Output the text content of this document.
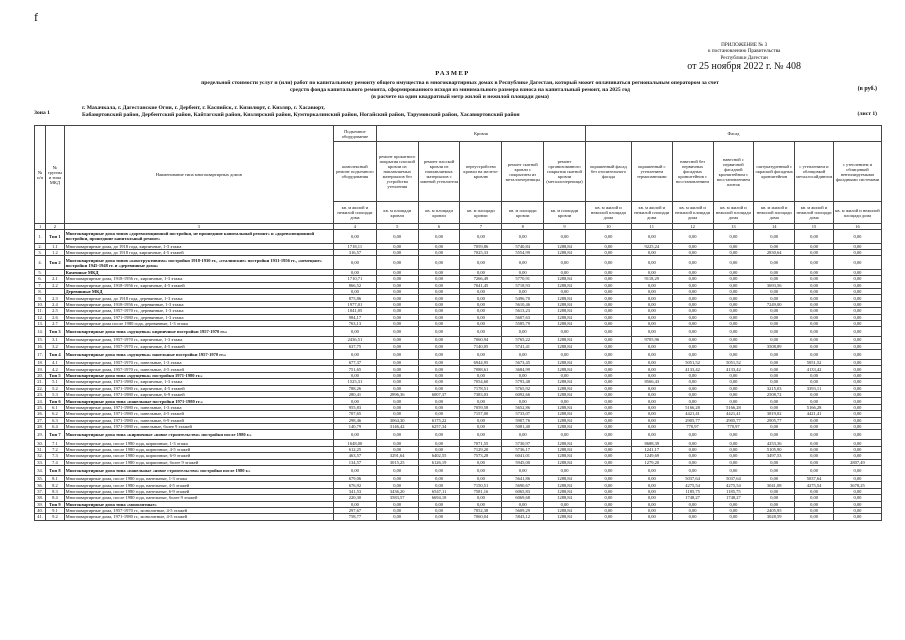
f
ПРИЛОЖЕНИЕ № 3
к постановлению Правительства
Республики Дагестан
от 25 ноября 2022 г. № 408
РАЗМЕР
предельной стоимости услуг и (или) работ по капитальному ремонту общего имущества в многоквартирных домах в Республике Дагестан, который может оплачиваться региональным оператором за счет
средств фонда капитального ремонта, сформированного исходя из минимального размера взноса на капитальный ремонт, на 2025 год
(в расчете на один квадратный метр жилой и нежилой площади дома)
(в руб.)
Зона 1
г. Махачкала, г. Дагестанские Огни, г. Дербент, г. Каспийск, г. Кизилюрт, г. Кизляр, г. Хасавюрт,
Бабаюртовский район, Дербентский район, Кайтагский район, Кизлярский район, Кумторкалинский район, Ногайский район, Тарумовский район, Хасавюртовский район	(лист 1)
№ п/п	№ группы и типа МКД	Наименование типа многоквартирных домов	Подъемное оборудование	Кровля					Фасад						
			комплексный ремонт подъемного оборудования	ремонт прокатного покрытия плоской кровли из наплавляемых материалов без устройства утепления	ремонт плоской кровли из наплавляемых материалов с заменой утеплителя	переустройство кровли на железо-кровлю	ремонт скатной кровли с покрытием из металлочерепицы	ремонт организованного покрытия скатной кровли (металлочерепица)	окрашенный фасад без отопительного фасада	окрашенный с утеплением термопанелями	навесной без первичных фасадных кронштейнов с восстановлением	навесной с первичной фасадной кронштейном с восстановлением плиток	оштукатуренный с окраской фасадных кронштейнов	с утеплением и облицовкой металлосайдингом	с утеплением и облицовкой вентилируемыми фасадными системами
			кв. м жилой и нежилой площади дома	кв. м площади кровли	кв. м площади кровли	кв. м площади кровли	кв. м площади кровли	кв. м площади кровли	кв. м жилой и нежилой площади дома	кв. м жилой и нежилой площади дома	кв. м жилой и нежилой площади дома	кв. м жилой и нежилой площади дома	кв. м жилой и нежилой площади дома	кв. м жилой и нежилой площади дома	кв. м жилой и нежилой площади дома
1	2	3	4	5	6	7	8	9	10	11	12	13	14	15	16
1.	Тип 1	Многоквартирные дома типов «дореволюционной постройки, не прошедшие капитальный ремонт» и «дореволюционной постройки, прошедшие капитальный ремонт»	0,00	0,00	0,00	0,00	0,00	0,00	0,00	0,00	0,00	0,00	0,00	0,00	0,00
2.	1.1	Многоквартирные дома, до 1918 года, кирпичные, 1-3 этажа	1718,11	0,00	0,00	7059,86	5740,84	1288,84	0,00	9225,24	0,00	0,00	0,00	0,00	0,00
3.	1.2	Многоквартирные дома, до 1918 года, кирпичные, 4-5 этажей	316,57	0,00	0,00	7025,33	5554,99	1288,84	0,00	0,00	0,00	0,00	2830,64	0,00	0,00
4.	Тип 2	Многоквартирные дома типов «конструктивизм» постройки 1918-1930 гг., «сталинские» постройки 1931-1956 гг., «немецкие» постройки 1945-1948 гг. и «деревянные дома»	0,00	0,00	0,00	0,00	0,00	0,00	0,00	0,00	0,00	0,00	0,00	0,00	0,00
5.		Каменные МКД	0,00	0,00	0,00	0,00	0,00	0,00	0,00	0,00	0,00	0,00	0,00	0,00	0,00
6.	2.1	Многоквартирные дома, 1918-1956 гг., кирпичные, 1-3 этажа	1710,71	0,00	0,00	7266,49	5770,91	1288,84	0,00	9118,29	0,00	0,00	0,00	0,00	0,00
7.	2.2	Многоквартирные дома, 1918-1956 гг., кирпичные, 4-5 этажей	866,52	0,00	0,00	7041,45	5718,93	1288,84	0,00	0,00	0,00	0,00	3693,56	0,00	0,00
8.		Деревянные МКД	0,00	0,00	0,00	0,00	0,00	0,00	0,00	0,00	0,00	0,00	0,00	0,00	0,00
9.	2.3	Многоквартирные дома, до 1918 года, деревянные, 1-3 этажа	875,86	0,00	0,00	0,00	5496,70	1288,84	0,00	0,00	0,00	0,00	0,00	0,00	0,00
10.	2.4	Многоквартирные дома, 1918-1956 гг., деревянные, 1-3 этажа	1977,01	0,00	0,00	0,00	5610,46	1288,84	0,00	0,00	0,00	0,00	7249,00	0,00	0,00
11.	2.5	Многоквартирные дома, 1957-1970 гг., деревянные, 1-3 этажа	1041,05	0,00	0,00	0,00	5613,23	1288,84	0,00	0,00	0,00	0,00	0,00	0,00	0,00
12.	2.6	Многоквартирные дома, 1971-1980 гг., деревянные, 1-3 этажа	984,17	0,00	0,00	0,00	5607,63	1288,84	0,00	0,00	0,00	0,00	0,00	0,00	0,00
13.	2.7	Многоквартирные дома после 1980 года, деревянные, 1-3 этажа	763,13	0,00	0,00	0,00	5585,79	1288,84	0,00	0,00	0,00	0,00	0,00	0,00	0,00
14.	Тип 3	Многоквартирные дома типа «хрущевка» кирпичные постройки 1957-1970 гг.»	0,00	0,00	0,00	0,00	0,00	0,00	0,00	0,00	0,00	0,00	0,00	0,00	0,00
15.	3.1	Многоквартирные дома, 1957-1970 гг., кирпичные, 1-3 этажа	2436,51	0,00	0,00	7060,94	5765,22	1288,84	0,00	9705,96	0,00	0,00	0,00	0,00	0,00
16.	3.2	Многоквартирные дома, 1957-1970 гг., кирпичные, 4-5 этажей	637,75	0,00	0,00	7140,05	5741,41	1288,84	0,00	0,00	0,00	0,00	3508,89	0,00	0,00
17.	Тип 4	Многоквартирные дома типа «хрущевка» панельные постройки 1957-1970 гг.»	0,00	0,00	0,00	0,00	0,00	0,00	0,00	0,00	0,00	0,00	0,00	0,00	0,00
18.	4.1	Многоквартирные дома, 1957-1970 гг., панельные, 1-3 этажа	677,37	0,00	0,00	6944,95	5673,45	1288,84	0,00	0,00	5051,52	5051,52	0,00	5051,52	0,00
19.	4.2	Многоквартирные дома, 1957-1970 гг., панельные, 4-5 этажей	751,65	0,00	0,00	7088,61	3684,99	1288,84	0,00	0,00	4133,42	4133,42	0,00	4133,42	0,00
20.	Тип 5	Многоквартирные дома типа «хрущевка» постройки 1971-1980 гг.»	0,00	0,00	0,00	0,00	0,00	0,00	0,00	0,00	0,00	0,00	0,00	0,00	0,00
21.	5.1	Многоквартирные дома, 1971-1980 гг., кирпичные, 1-3 этажа	1525,31	0,00	0,00	7054,60	5793,48	1288,84	0,00	8566,43	0,00	0,00	0,00	0,00	0,00
22.	5.2	Многоквартирные дома, 1971-1980 гг., кирпичные, 4-5 этажей	788,26	0,00	0,00	7178,51	5765,92	1288,84	0,00	0,00	0,00	0,00	3215,03	3393,11	0,00
23.	5.3	Многоквартирные дома, 1971-1980 гг., кирпичные, 6-9 этажей	280,41	2896,36	6007,37	7383,03	6092,66	1288,84	0,00	0,00	0,00	0,00	2508,72	0,00	0,00
24.	Тип 6	Многоквартирные дома типа «панельные постройки 1971-1980 гг.»	0,00	0,00	0,00	0,00	0,00	0,00	0,00	0,00	0,00	0,00	0,00	0,00	0,00
25.	6.1	Многоквартирные дома, 1971-1980 гг., панельные, 1-3 этажа	955,83	0,00	0,00	7059,58	5652,86	1288,84	0,00	0,00	5166,28	5166,28	0,00	5166,28	0,00
26.	6.2	Многоквартирные дома, 1971-1980 гг., панельные, 4-5 этажей	707,65	0,00	0,00	7157,00	5733,07	1288,84	0,00	0,00	4421,41	4421,41	3819,02	4421,41	0,00
27.	6.3	Многоквартирные дома, 1971-1980 гг., панельные, 6-9 этажей	298,46	3064,30	6175,22	0,00	5907,76	1288,84	0,00	0,00	2905,77	2905,77	2905,77	0,00	0,00
28.	6.4	Многоквартирные дома, 1971-1980 гг., панельные, более 9 этажей	140,79	3146,42	6257,34	0,00	5081,40	1288,84	0,00	0,00	770,97	770,97	0,00	0,00	0,00
29.	Тип 7	Многоквартирные дома типа «кирпичные «новое строительство» постройки после 1980 г.»	0,00	0,00	0,00	0,00	0,00	0,00	0,00	0,00	0,00	0,00	0,00	0,00	0,00
30.	7.1	Многоквартирные дома, после 1980 года, кирпичные, 1-3 этажа	1648,00	0,00	0,00	7071,55	5730,97	1288,84	0,00	8688,39	0,00	0,00	4253,36	0,00	0,00
31.	7.2	Многоквартирные дома, после 1980 года, кирпичные, 4-5 этажей	612,25	0,00	0,00	7129,20	5736,17	1288,84	0,00	1241,17	0,00	0,00	5105,90	0,00	0,00
32.	7.3	Многоквартирные дома, после 1980 года, кирпичные, 6-9 этажей	463,57	3291,64	6402,55	7573,28	6041,01	1288,84	0,00	1249,69	0,00	0,00	3497,53	0,00	0,00
33.	7.4	Многоквартирные дома, после 1980 года, кирпичные, более 9 этажей	134,57	3015,25	6126,19	0,00	5945,00	1288,84	0,00	1279,20	0,00	0,00	0,00	0,00	2807,49
34.	Тип 8	Многоквартирные дома типа «панельные «новое строительство» постройки после 1980 г.»	0,00	0,00	0,00	0,00	0,00	0,00	0,00	0,00	0,00	0,00	0,00	0,00	0,00
35.	8.1	Многоквартирные дома, после 1980 года, панельные, 1-3 этажа	679,06	0,00	0,00	0,00	5641,86	1288,84	0,00	0,00	5037,64	5037,64	0,00	5037,64	0,00
36.	8.2	Многоквартирные дома, после 1980 года, панельные, 4-5 этажей	676,92	0,00	0,00	7150,51	5690,67	1288,84	0,00	0,00	4275,54	4275,54	3041,08	4275,54	3678,25
37.	8.3	Многоквартирные дома, после 1980 года, панельные, 6-9 этажей	341,53	3436,20	6547,11	7581,16	6065,83	1288,84	0,00	0,00	1185,75	1185,75	0,00	0,00	0,00
38.	8.4	Многоквартирные дома, после 1980 года, панельные, более 9 этажей	220,30	3583,57	6694,18	0,00	6069,68	1288,84	0,00	0,00	1748,27	1748,27	0,00	0,00	0,00
39.	Тип 9	Многоквартирные дома типа «монолитные»	0,00	0,00	0,00	0,00	0,00	0,00	0,00	0,00	0,00	0,00	0,00	0,00	0,00
40.	9.1	Многоквартирные дома, 1957-1970 гг., монолитные, 4-5 этажей	297,67	0,00	0,00	7052,38	5609,29	1288,84	0,00	0,00	0,00	0,00	2405,95	0,00	0,00
41.	9.2	Многоквартирные дома, 1971-1980 гг., монолитные, 4-5 этажей	758,77	0,00	0,00	7060,04	5843,12	1288,84	0,00	0,00	0,00	0,00	3028,59	0,00	0,00
